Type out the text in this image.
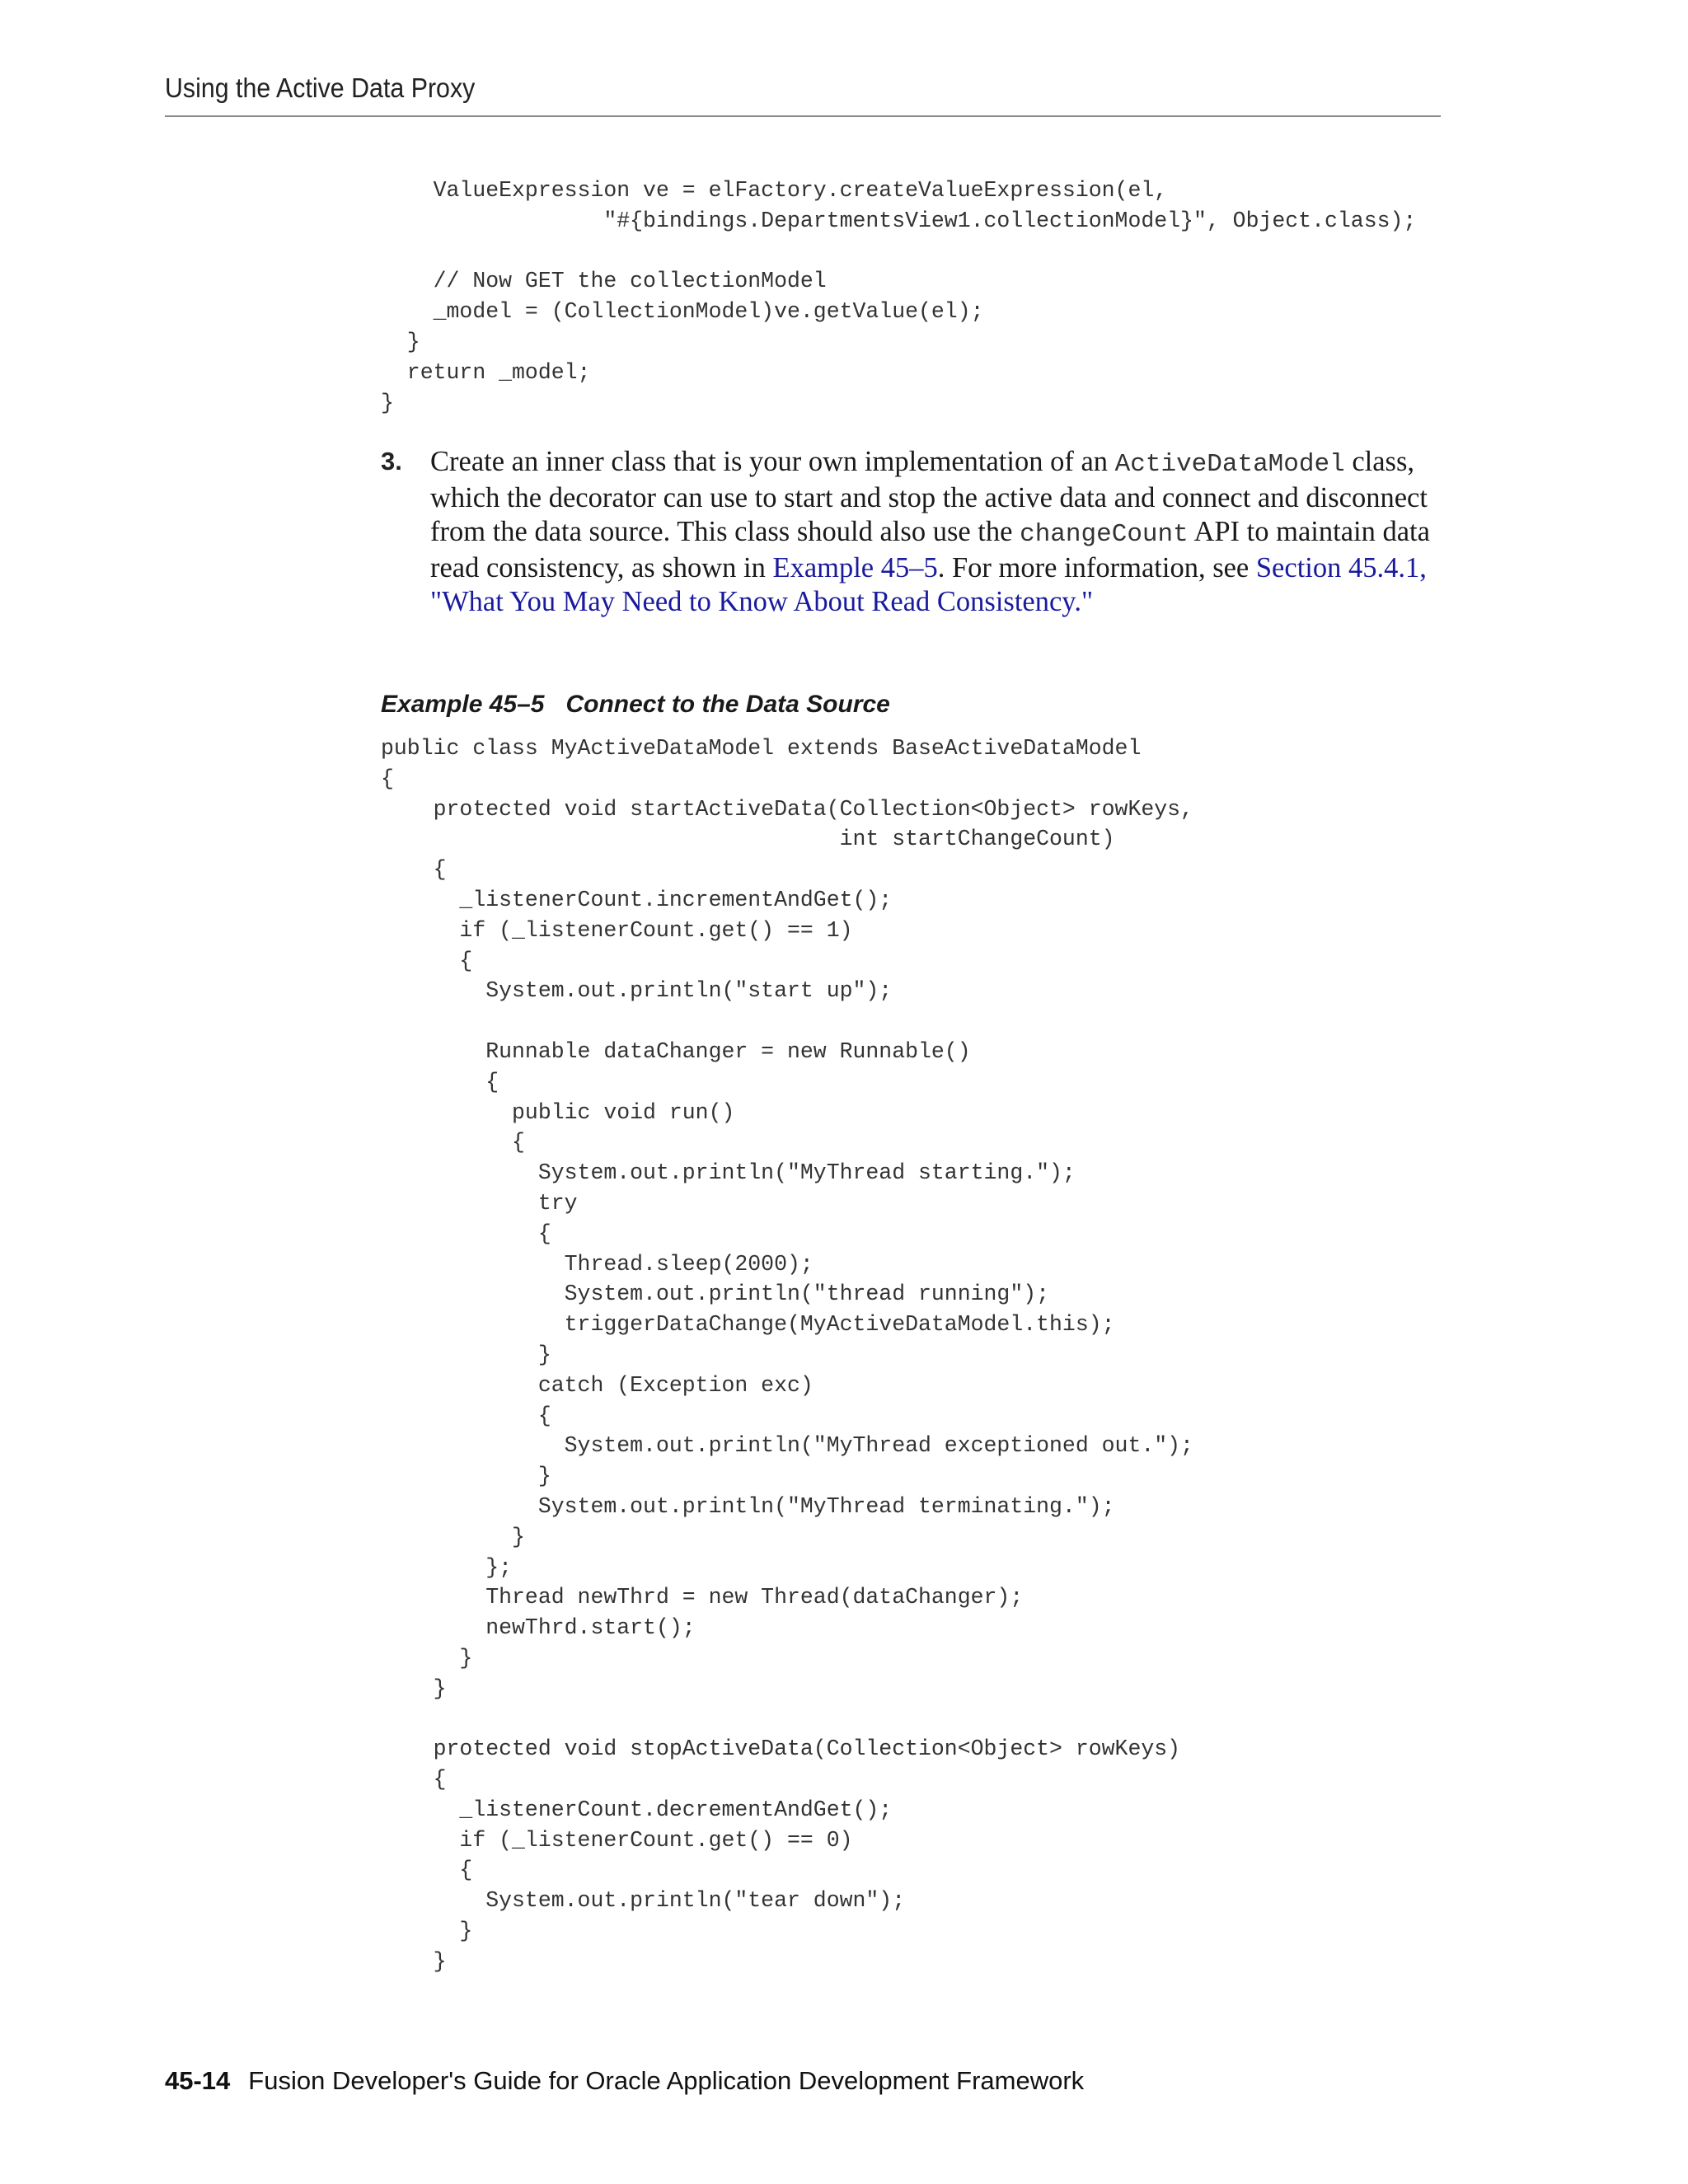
Using the Active Data Proxy
ValueExpression ve = elFactory.createValueExpression(el,
"#{bindings.DepartmentsView1.collectionModel}", Object.class);

// Now GET the collectionModel
_model = (CollectionModel)ve.getValue(el);
}
return _model;
}
3. Create an inner class that is your own implementation of an ActiveDataModel class, which the decorator can use to start and stop the active data and connect and disconnect from the data source. This class should also use the changeCount API to maintain data read consistency, as shown in Example 45–5. For more information, see Section 45.4.1, "What You May Need to Know About Read Consistency."
Example 45–5 Connect to the Data Source
public class MyActiveDataModel extends BaseActiveDataModel
{
protected void startActiveData(Collection<Object> rowKeys,
int startChangeCount)
{
_listenerCount.incrementAndGet();
if (_listenerCount.get() == 1)
{
System.out.println("start up");

Runnable dataChanger = new Runnable()
{
public void run()
{
System.out.println("MyThread starting.");
try
{
Thread.sleep(2000);
System.out.println("thread running");
triggerDataChange(MyActiveDataModel.this);
}
catch (Exception exc)
{
System.out.println("MyThread exceptioned out.");
}
System.out.println("MyThread terminating.");
}
};
Thread newThrd = new Thread(dataChanger);
newThrd.start();
}
}

protected void stopActiveData(Collection<Object> rowKeys)
{
_listenerCount.decrementAndGet();
if (_listenerCount.get() == 0)
{
System.out.println("tear down");
}
}
45-14 Fusion Developer's Guide for Oracle Application Development Framework
